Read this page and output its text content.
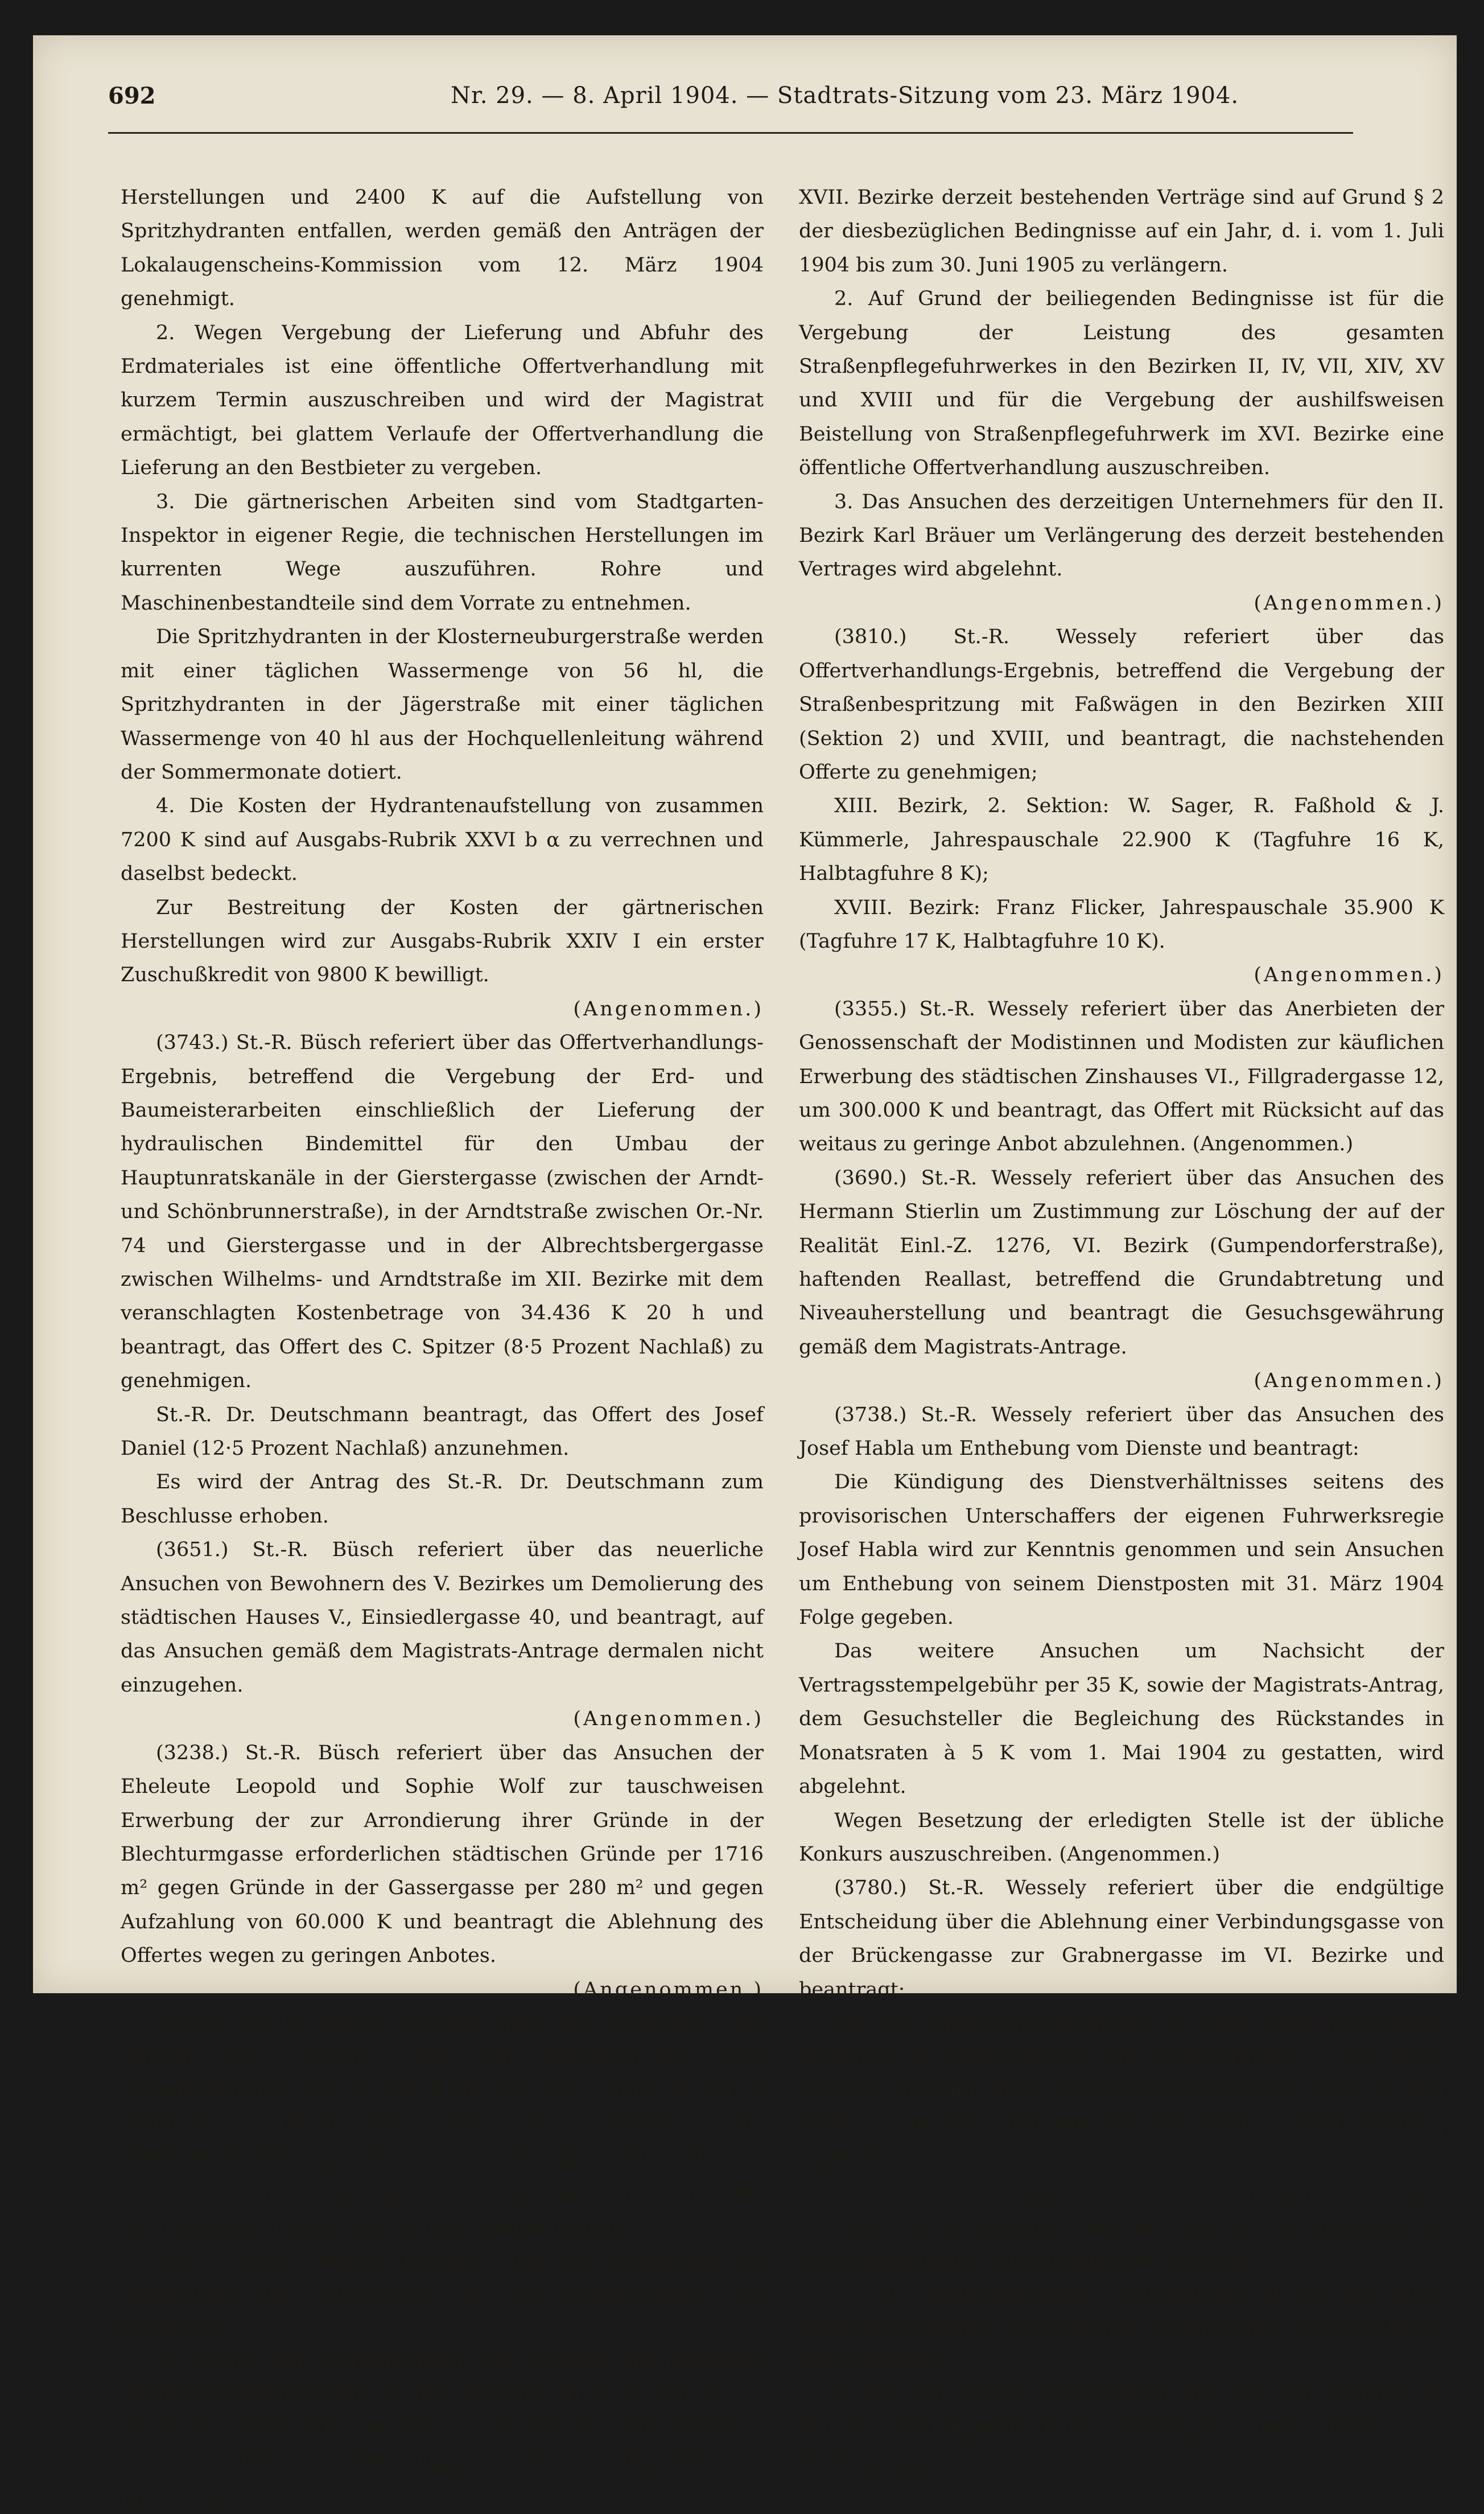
692	Nr. 29. — 8. April 1904. — Stadtrats-Sitzung vom 23. März 1904.

Herstellungen und 2400 K auf die Aufstellung von Spritzhydranten entfallen, werden gemäß den Anträgen der Lokalaugenscheins-Kommission vom 12. März 1904 genehmigt.

2. Wegen Vergebung der Lieferung und Abfuhr des Erdmateriales ist eine öffentliche Offertverhandlung mit kurzem Termin auszuschreiben und wird der Magistrat ermächtigt, bei glattem Verlaufe der Offertverhandlung die Lieferung an den Bestbieter zu vergeben.

3. Die gärtnerischen Arbeiten sind vom Stadtgarten-Inspektor in eigener Regie, die technischen Herstellungen im kurrenten Wege auszuführen. Rohre und Maschinenbestandteile sind dem Vorrate zu entnehmen.

Die Spritzhydranten in der Klosterneuburgerstraße werden mit einer täglichen Wassermenge von 56 hl, die Spritzhydranten in der Jägerstraße mit einer täglichen Wassermenge von 40 hl aus der Hochquellenleitung während der Sommermonate dotiert.

4. Die Kosten der Hydrantenaufstellung von zusammen 7200 K sind auf Ausgabs-Rubrik XXVI b α zu verrechnen und daselbst bedeckt.

Zur Bestreitung der Kosten der gärtnerischen Herstellungen wird zur Ausgabs-Rubrik XXIV I ein erster Zuschußkredit von 9800 K bewilligt.

(Angenommen.)

(3743.) St.-R. Büsch referiert über das Offertverhandlungs-Ergebnis, betreffend die Vergebung der Erd- und Baumeisterarbeiten einschließlich der Lieferung der hydraulischen Bindemittel für den Umbau der Hauptunratskanäle in der Gierstergasse (zwischen der Arndt- und Schönbrunnerstraße), in der Arndtstraße zwischen Or.-Nr. 74 und Gierstergasse und in der Albrechtsbergergasse zwischen Wilhelms- und Arndtstraße im XII. Bezirke mit dem veranschlagten Kostenbetrage von 34.436 K 20 h und beantragt, das Offert des C. Spitzer (8·5 Prozent Nachlaß) zu genehmigen.

St.-R. Dr. Deutschmann beantragt, das Offert des Josef Daniel (12·5 Prozent Nachlaß) anzunehmen.

Es wird der Antrag des St.-R. Dr. Deutschmann zum Beschlusse erhoben.

(3651.) St.-R. Büsch referiert über das neuerliche Ansuchen von Bewohnern des V. Bezirkes um Demolierung des städtischen Hauses V., Einsiedlergasse 40, und beantragt, auf das Ansuchen gemäß dem Magistrats-Antrage dermalen nicht einzugehen.

(Angenommen.)

(3238.) St.-R. Büsch referiert über das Ansuchen der Eheleute Leopold und Sophie Wolf zur tauschweisen Erwerbung der zur Arrondierung ihrer Gründe in der Blechturmgasse erforderlichen städtischen Gründe per 1716 m² gegen Gründe in der Gassergasse per 280 m² und gegen Aufzahlung von 60.000 K und beantragt die Ablehnung des Offertes wegen zu geringen Anbotes.

(Angenommen.)

(3526.) St.-R. Büsch referiert über das Ansuchen des Eduard und Leopold Hirtl um Zuerkennung einer Schadloshaltung von 75.000 K für den vom Hause Or.-Nr. 5 Meidlinger Hauptstraße im XII. Bezirke, zur Straßenverbreiterung abzutretenden Grund im Ausmaße von 975·85 m² und beantragt, das Ansuchen im Sinne des Bezirksamts-Antrages abzulehnen. (Angenommen.)

(3812.) St.-R. Wessely referiert über die Vergebung der Beistellung des Fuhrwerkes für die Straßenpflege und beantragt:

1. Die mit den Unternehmern zur Leistung des gesamten Straßenpflegefuhrwerkes in den Bezirken III, IV, V, VIII, IX, X, XII, XIII/I, XIII/II, XIX und XX und die mit den Unternehmern für die aushilfsweise Beistellung von Straßenpflegefuhrwerk im XI. und

XVII. Bezirke derzeit bestehenden Verträge sind auf Grund § 2 der diesbezüglichen Bedingnisse auf ein Jahr, d. i. vom 1. Juli 1904 bis zum 30. Juni 1905 zu verlängern.

2. Auf Grund der beiliegenden Bedingnisse ist für die Vergebung der Leistung des gesamten Straßenpflegefuhrwerkes in den Bezirken II, IV, VII, XIV, XV und XVIII und für die Vergebung der aushilfsweisen Beistellung von Straßenpflegefuhrwerk im XVI. Bezirke eine öffentliche Offertverhandlung auszuschreiben.

3. Das Ansuchen des derzeitigen Unternehmers für den II. Bezirk Karl Bräuer um Verlängerung des derzeit bestehenden Vertrages wird abgelehnt.

(Angenommen.)

(3810.) St.-R. Wessely referiert über das Offertverhandlungs-Ergebnis, betreffend die Vergebung der Straßenbespritzung mit Faßwägen in den Bezirken XIII (Sektion 2) und XVIII, und beantragt, die nachstehenden Offerte zu genehmigen;

XIII. Bezirk, 2. Sektion: W. Sager, R. Faßhold & J. Kümmerle, Jahrespauschale 22.900 K (Tagfuhre 16 K, Halbtagfuhre 8 K);

XVIII. Bezirk: Franz Flicker, Jahrespauschale 35.900 K (Tagfuhre 17 K, Halbtagfuhre 10 K).

(Angenommen.)

(3355.) St.-R. Wessely referiert über das Anerbieten der Genossenschaft der Modistinnen und Modisten zur käuflichen Erwerbung des städtischen Zinshauses VI., Fillgradergasse 12, um 300.000 K und beantragt, das Offert mit Rücksicht auf das weitaus zu geringe Anbot abzulehnen. (Angenommen.)

(3690.) St.-R. Wessely referiert über das Ansuchen des Hermann Stierlin um Zustimmung zur Löschung der auf der Realität Einl.-Z. 1276, VI. Bezirk (Gumpendorferstraße), haftenden Reallast, betreffend die Grundabtretung und Niveauherstellung und beantragt die Gesuchsgewährung gemäß dem Magistrats-Antrage.

(Angenommen.)

(3738.) St.-R. Wessely referiert über das Ansuchen des Josef Habla um Enthebung vom Dienste und beantragt:

Die Kündigung des Dienstverhältnisses seitens des provisorischen Unterschaffers der eigenen Fuhrwerksregie Josef Habla wird zur Kenntnis genommen und sein Ansuchen um Enthebung von seinem Dienstposten mit 31. März 1904 Folge gegeben.

Das weitere Ansuchen um Nachsicht der Vertragsstempelgebühr per 35 K, sowie der Magistrats-Antrag, dem Gesuchsteller die Begleichung des Rückstandes in Monatsraten à 5 K vom 1. Mai 1904 zu gestatten, wird abgelehnt.

Wegen Besetzung der erledigten Stelle ist der übliche Konkurs auszuschreiben. (Angenommen.)

(3780.) St.-R. Wessely referiert über die endgültige Entscheidung über die Ablehnung einer Verbindungsgasse von der Brückengasse zur Grabnergasse im VI. Bezirke und beantragt:

Von der Baulinienbestimmung für eine Verbindungsgasse zwischen der Brückengasse und Grabnergasse — auf deren Genehmigung mit dem Gemeinderats-Beschlusse vom 10. Mai 1899 nur „derzeit“ nicht eingegangen wurde — wird endgültig abgesehen.

(Angenommen; an den Gemeinderat.)

(2914. St.-R. Schreiner referiert über die Verlängerung der Straßenbahnlinie Neuwaldegg und beantragt:

1. Die Straßenbahnlinie Neuwaldegg ist bis zur alten Alsbacheinwölbung zu verlängern und mit einer Geleiseschleife abzuschließen.

2. Der Bau dieser Straßenbahnlinie wird der Siemens & Halske Aktiengesellschaft übertragen und finden die Bestimmungen
